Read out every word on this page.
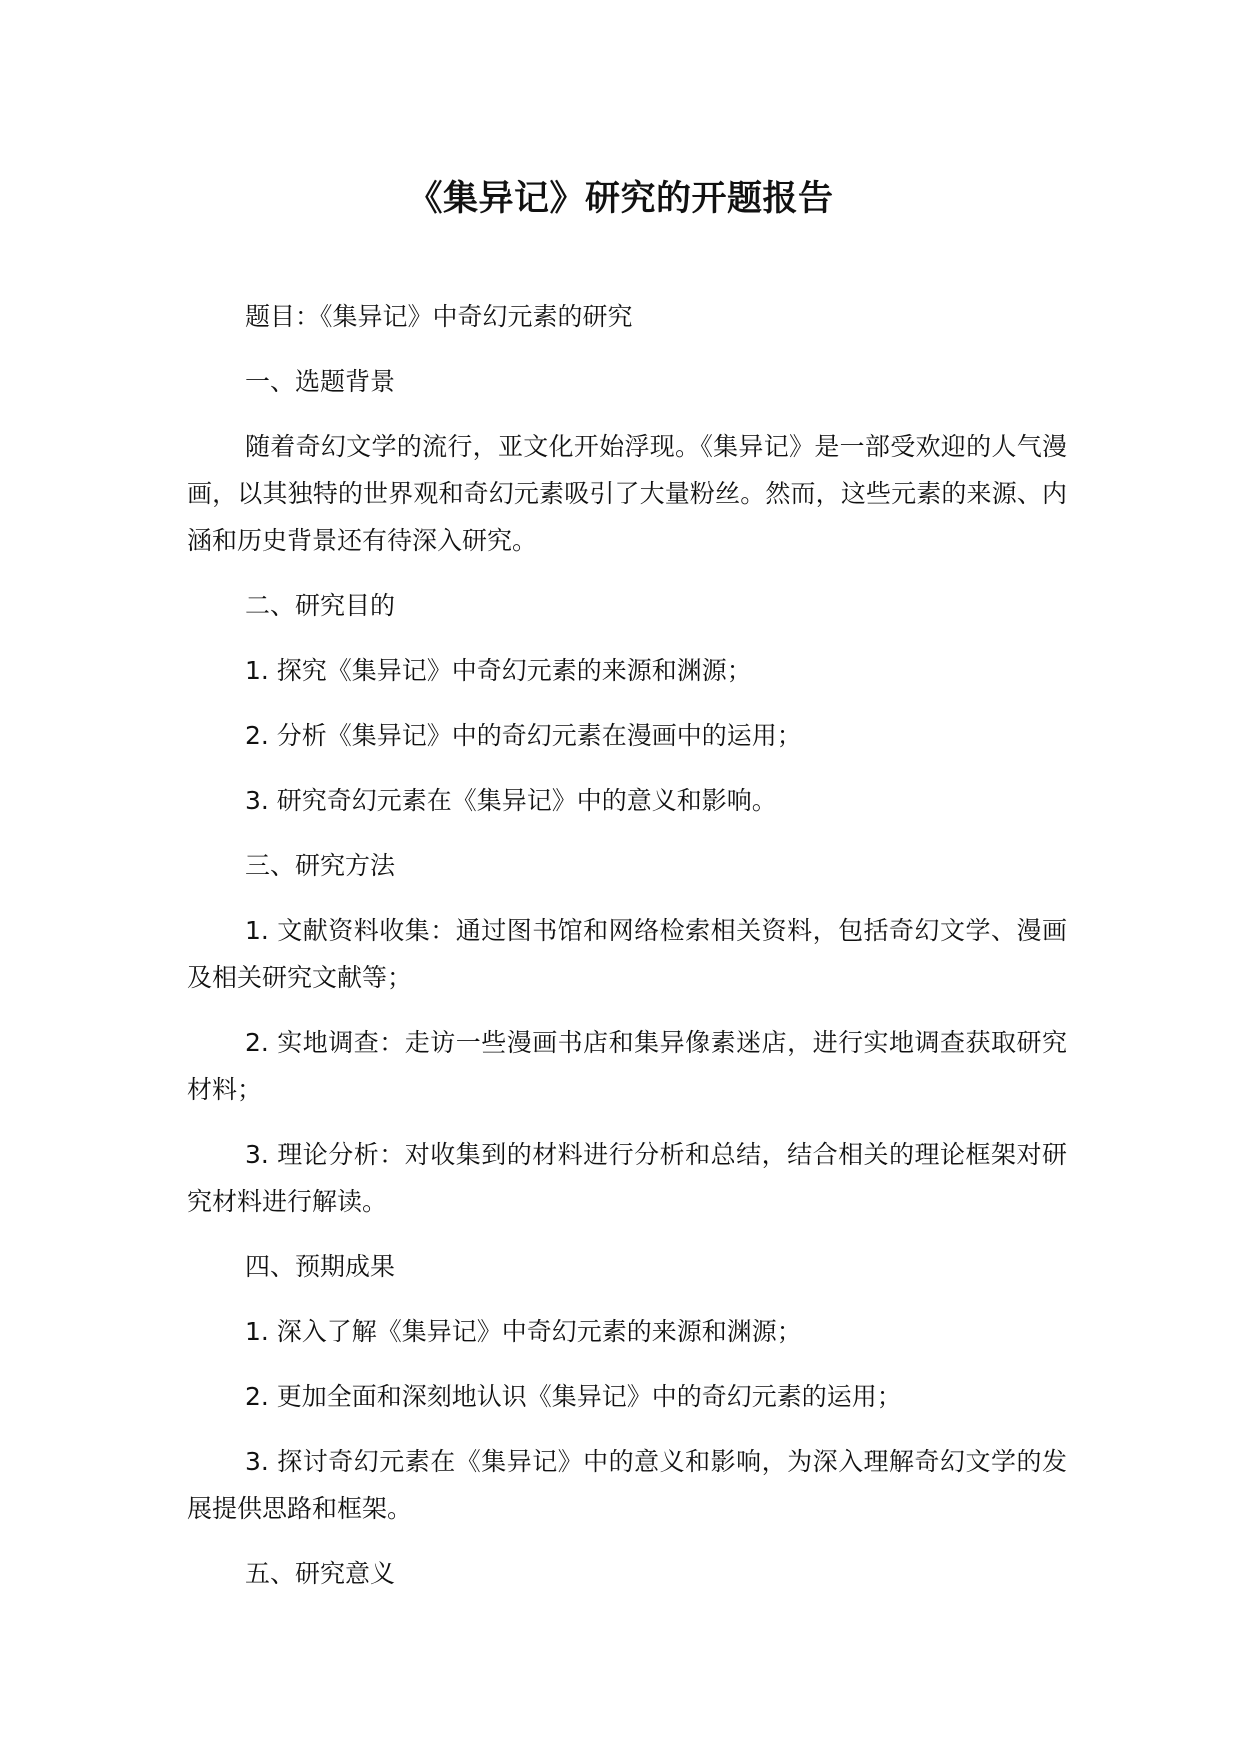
《集异记》研究的开题报告

题目：《集异记》中奇幻元素的研究

一、选题背景

随着奇幻文学的流行，亚文化开始浮现。《集异记》是一部受欢迎的人气漫画，以其独特的世界观和奇幻元素吸引了大量粉丝。然而，这些元素的来源、内涵和历史背景还有待深入研究。

二、研究目的

1. 探究《集异记》中奇幻元素的来源和渊源；

2. 分析《集异记》中的奇幻元素在漫画中的运用；

3. 研究奇幻元素在《集异记》中的意义和影响。

三、研究方法

1. 文献资料收集：通过图书馆和网络检索相关资料，包括奇幻文学、漫画及相关研究文献等；

2. 实地调查：走访一些漫画书店和集异像素迷店，进行实地调查获取研究材料；

3. 理论分析：对收集到的材料进行分析和总结，结合相关的理论框架对研究材料进行解读。

四、预期成果

1. 深入了解《集异记》中奇幻元素的来源和渊源；

2. 更加全面和深刻地认识《集异记》中的奇幻元素的运用；

3. 探讨奇幻元素在《集异记》中的意义和影响，为深入理解奇幻文学的发展提供思路和框架。

五、研究意义
